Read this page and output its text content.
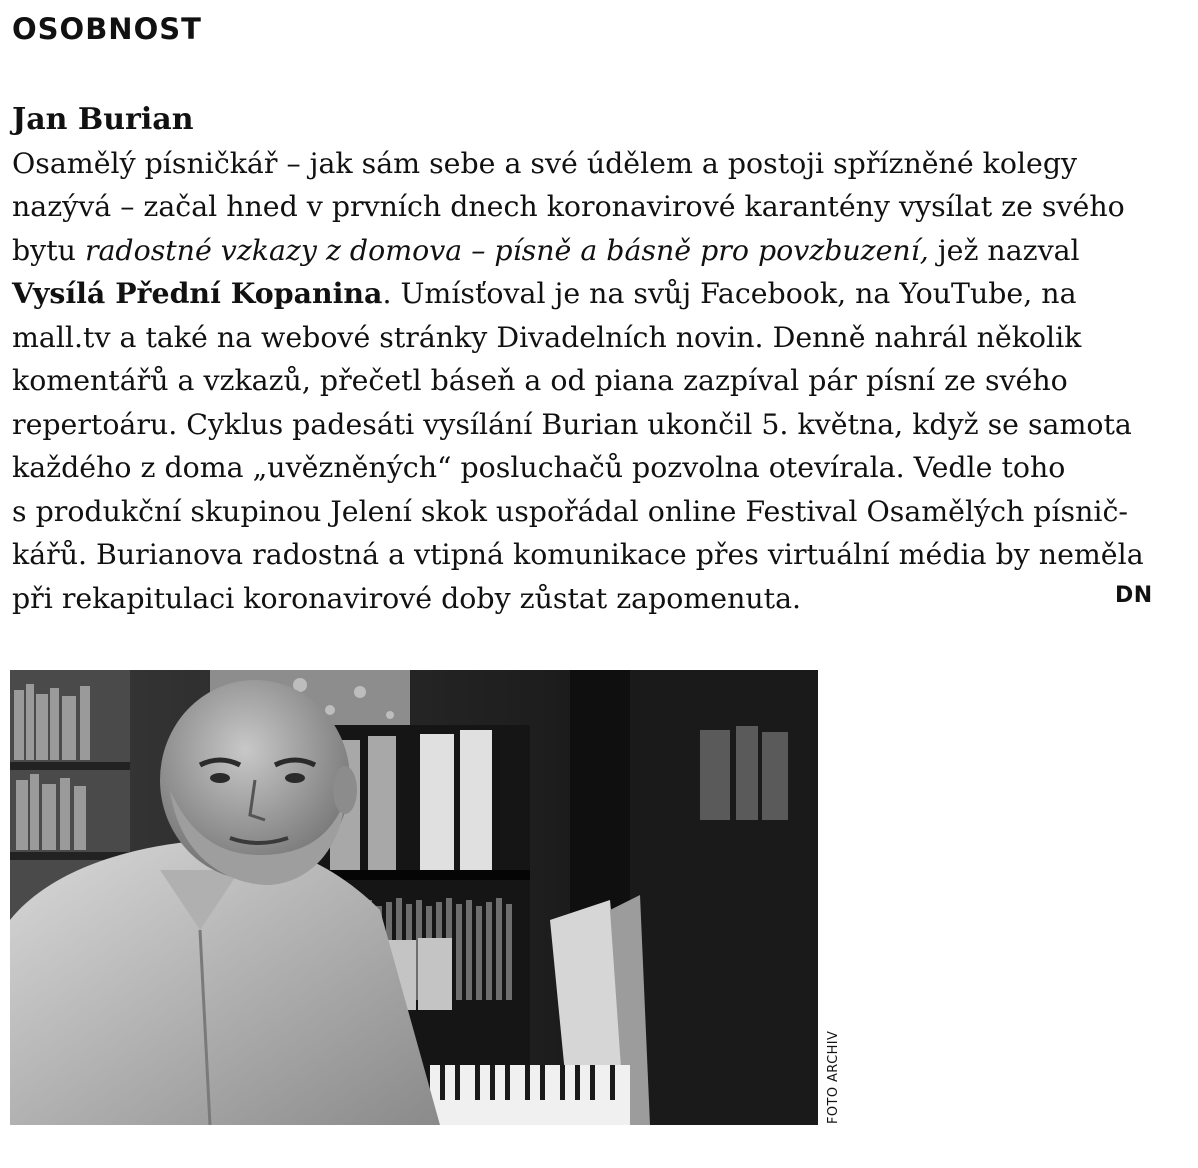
OSOBNOST
Jan Burian

Osamělý písničkář – jak sám sebe a své údělem a postoji spřízněné kolegy
nazývá – začal hned v prvních dnech koronavirové karantény vysílat ze svého
bytu radostné vzkazy z domova – písně a básně pro povzbuzení, jež nazval
Vysílá Přední Kopanina. Umísťoval je na svůj Facebook, na YouTube, na
mall.tv a také na webové stránky Divadelních novin. Denně nahrál několik
komentářů a vzkazů, přečetl báseň a od piana zazpíval pár písní ze svého
repertoáru. Cyklus padesáti vysílání Burian ukončil 5. května, když se samota
každého z doma „uvězněných“ posluchačů pozvolna otevírala. Vedle toho
s produkční skupinou Jelení skok uspořádal online Festival Osamělých písnič-
kářů. Burianova radostná a vtipná komunikace přes virtuální média by neměla
při rekapitulaci koronavirové doby zůstat zapomenuta.	DN
FOTO ARCHIV
